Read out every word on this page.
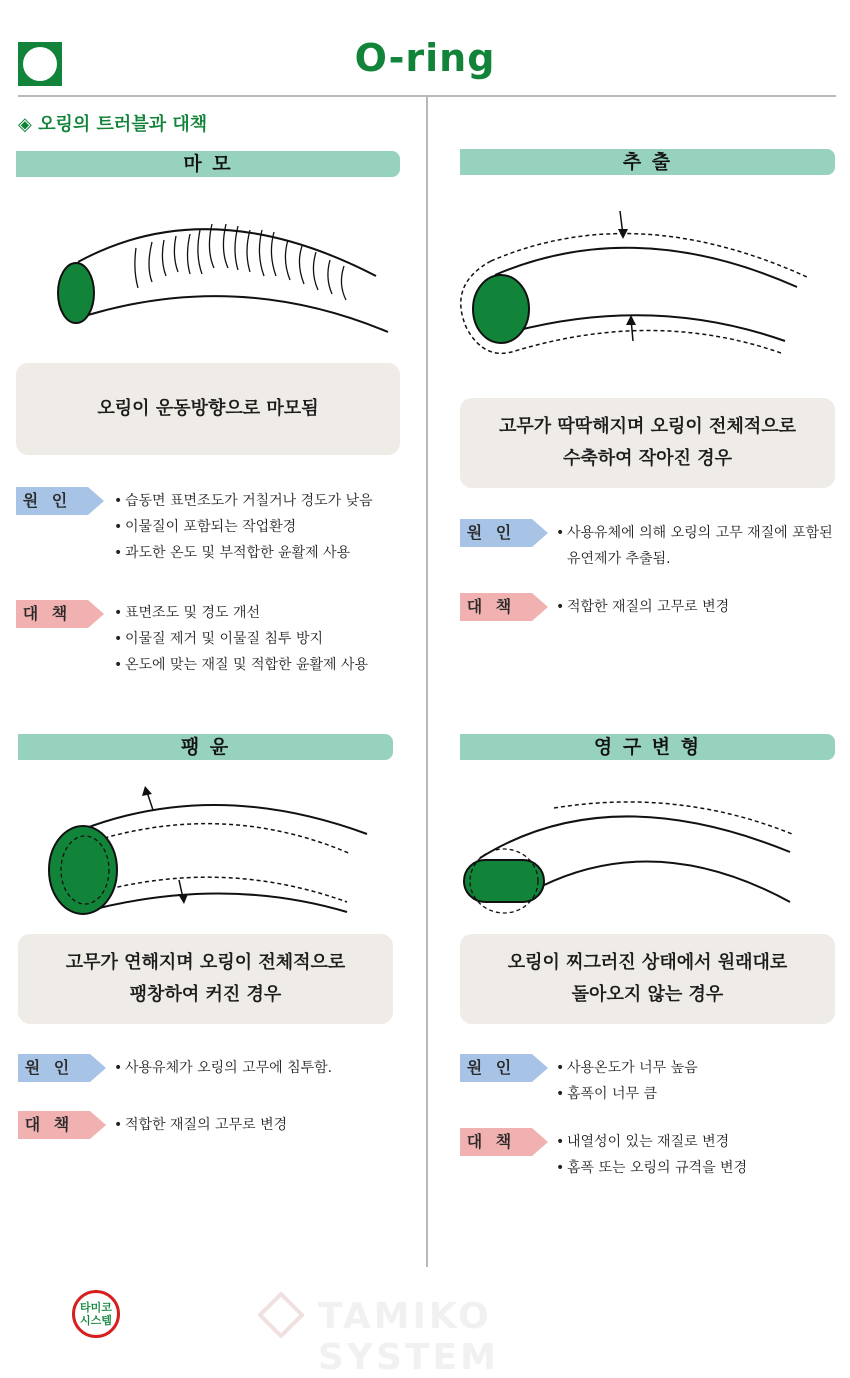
O-ring
◈ 오링의 트러블과 대책
마 모
오링이 운동방향으로 마모됨
원 인	• 습동면 표면조도가 거칠거나 경도가 낮음
• 이물질이 포함되는 작업환경
• 과도한 온도 및 부적합한 윤활제 사용
대 책	• 표면조도 및 경도 개선
• 이물질 제거 및 이물질 침투 방지
• 온도에 맞는 재질 및 적합한 윤활제 사용
추 출
고무가 딱딱해지며 오링이 전체적으로
수축하여 작아진 경우
원 인	• 사용유체에 의해 오링의 고무 재질에 포함된
유연제가 추출됨.
대 책	• 적합한 재질의 고무로 변경
팽 윤
고무가 연해지며 오링이 전체적으로
팽창하여 커진 경우
원 인	• 사용유체가 오링의 고무에 침투함.
대 책	• 적합한 재질의 고무로 변경
영 구 변 형
오링이 찌그러진 상태에서 원래대로
돌아오지 않는 경우
원 인	• 사용온도가 너무 높음
• 홈폭이 너무 큼
대 책	• 내열성이 있는 재질로 변경
• 홈폭 또는 오링의 규격을 변경
타미코
시스템	TAMIKO SYSTEM
